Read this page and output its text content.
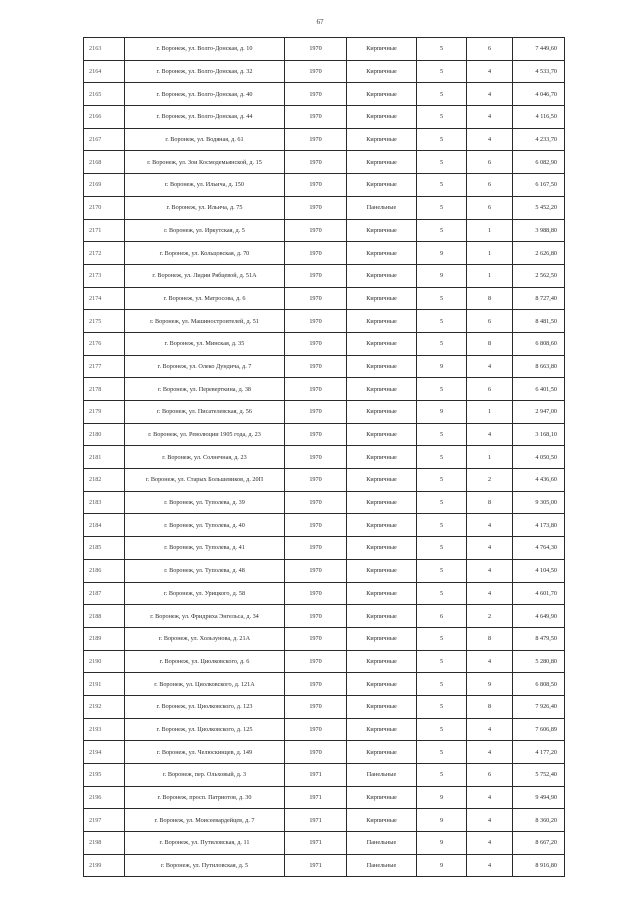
67
2163	г. Воронеж, ул. Волго-Донская, д. 10	1970	Кирпичные	5	6	7 449,60
2164	г. Воронеж, ул. Волго-Донская, д. 32	1970	Кирпичные	5	4	4 533,70
2165	г. Воронеж, ул. Волго-Донская, д. 40	1970	Кирпичные	5	4	4 046,70
2166	г. Воронеж, ул. Волго-Донская, д. 44	1970	Кирпичные	5	4	4 116,50
2167	г. Воронеж, ул. Водяная, д. 61	1970	Кирпичные	5	4	4 233,70
2168	г. Воронеж, ул. Зои Космодемьянской, д. 15	1970	Кирпичные	5	6	6 082,90
2169	г. Воронеж, ул. Ильича, д. 150	1970	Кирпичные	5	6	6 167,50
2170	г. Воронеж, ул. Ильича, д. 75	1970	Панельные	5	6	5 452,20
2171	г. Воронеж, ул. Иркутская, д. 5	1970	Кирпичные	5	1	3 988,80
2172	г. Воронеж, ул. Кольцовская, д. 70	1970	Кирпичные	9	1	2 626,80
2173	г. Воронеж, ул. Лидии Рябцевой, д. 51А	1970	Кирпичные	9	1	2 562,50
2174	г. Воронеж, ул. Матросова, д. 6	1970	Кирпичные	5	8	8 727,40
2175	г. Воронеж, ул. Машиностроителей, д. 51	1970	Кирпичные	5	6	8 481,50
2176	г. Воронеж, ул. Минская, д. 35	1970	Кирпичные	5	8	6 808,60
2177	г. Воронеж, ул. Олеко Дундича, д. 7	1970	Кирпичные	9	4	8 663,80
2178	г. Воронеж, ул. Переверткина, д. 38	1970	Кирпичные	5	6	6 401,50
2179	г. Воронеж, ул. Писателевская, д. 56	1970	Кирпичные	9	1	2 947,00
2180	г. Воронеж, ул. Революции 1905 года, д. 23	1970	Кирпичные	5	4	3 168,10
2181	г. Воронеж, ул. Солнечная, д. 23	1970	Кирпичные	5	1	4 050,50
2182	г. Воронеж, ул. Старых Большевиков, д. 20П	1970	Кирпичные	5	2	4 436,60
2183	г. Воронеж, ул. Туполева, д. 39	1970	Кирпичные	5	8	9 305,00
2184	г. Воронеж, ул. Туполева, д. 40	1970	Кирпичные	5	4	4 173,80
2185	г. Воронеж, ул. Туполева, д. 41	1970	Кирпичные	5	4	4 764,30
2186	г. Воронеж, ул. Туполева, д. 48	1970	Кирпичные	5	4	4 104,50
2187	г. Воронеж, ул. Урицкого, д. 58	1970	Кирпичные	5	4	4 601,70
2188	г. Воронеж, ул. Фридриха Энгельса, д. 34	1970	Кирпичные	6	2	4 649,90
2189	г. Воронеж, ул. Хользунова, д. 21А	1970	Кирпичные	5	8	8 479,50
2190	г. Воронеж, ул. Циолковского, д. 6	1970	Кирпичные	5	4	5 280,80
2191	г. Воронеж, ул. Циолковского, д. 121А	1970	Кирпичные	5	9	6 808,50
2192	г. Воронеж, ул. Циолковского, д. 123	1970	Кирпичные	5	8	7 926,40
2193	г. Воронеж, ул. Циолковского, д. 125	1970	Кирпичные	5	4	7 606,89
2194	г. Воронеж, ул. Челюскинцев, д. 149	1970	Кирпичные	5	4	4 177,20
2195	г. Воронеж, пер. Ольховый, д. 3	1971	Панельные	5	6	5 752,40
2196	г. Воронеж, просп. Патриотов, д. 30	1971	Кирпичные	9	4	9 494,90
2197	г. Воронеж, ул. Моисеевардейцев, д. 7	1971	Кирпичные	9	4	8 360,20
2198	г. Воронеж, ул. Путиловская, д. 11	1971	Панельные	9	4	8 667,20
2199	г. Воронеж, ул. Путиловская, д. 5	1971	Панельные	9	4	8 916,80
